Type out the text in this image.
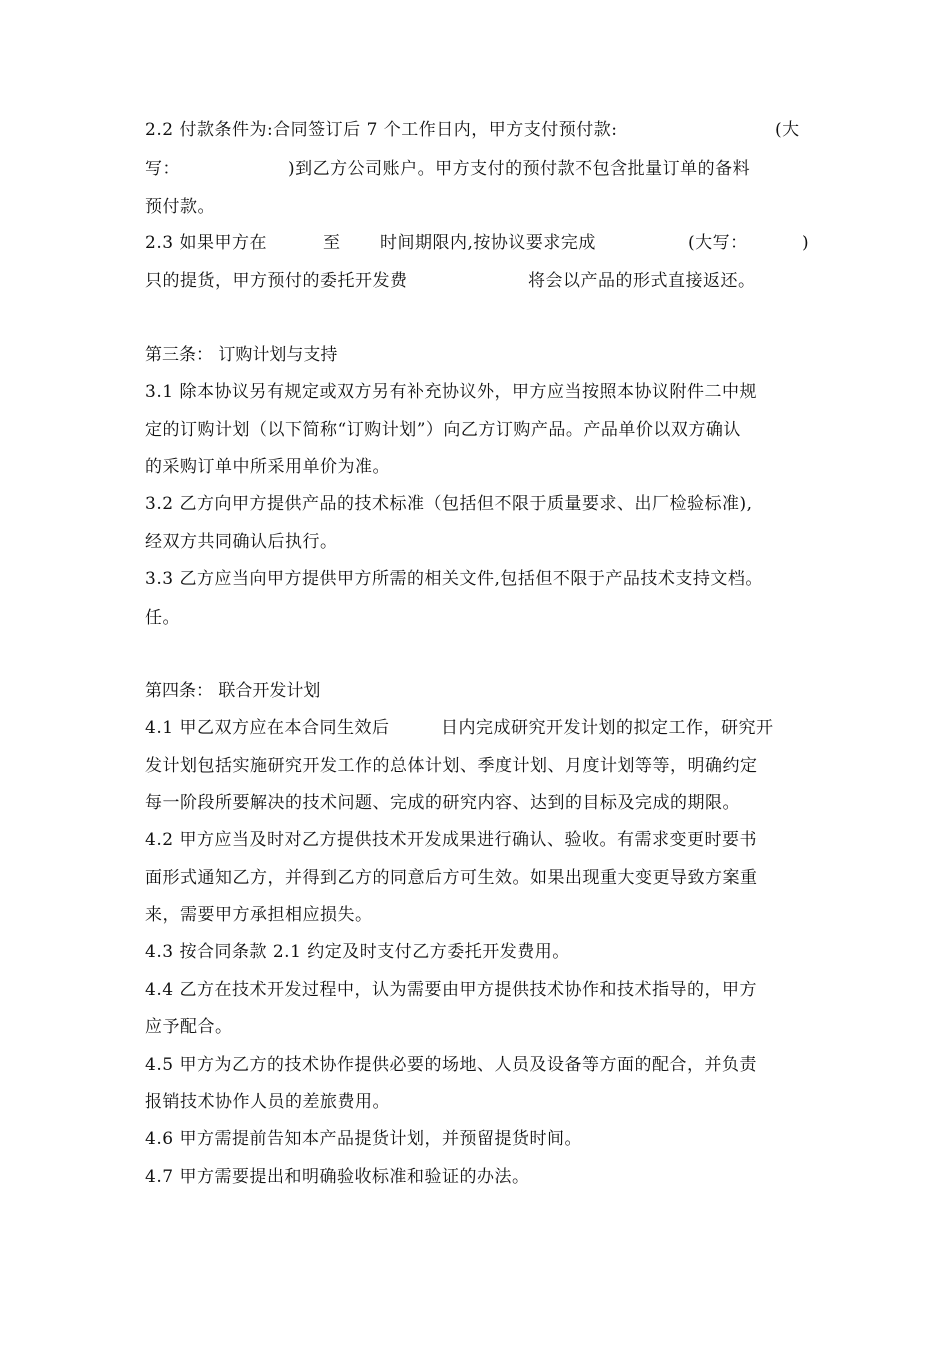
2.2 付款条件为:合同签订后 7 个工作日内，甲方支付预付款:	(大
写：	)到乙方公司账户。甲方支付的预付款不包含批量订单的备料
预付款。
2.3 如果甲方在	至 时间期限内,按协议要求完成	(大写：	)
只的提货，甲方预付的委托开发费	将会以产品的形式直接返还。
第三条： 订购计划与支持
3.1 除本协议另有规定或双方另有补充协议外，甲方应当按照本协议附件二中规
定的订购计划（以下简称“订购计划”）向乙方订购产品。产品单价以双方确认
的采购订单中所采用单价为准。
3.2 乙方向甲方提供产品的技术标准（包括但不限于质量要求、出厂检验标准),
经双方共同确认后执行。
3.3 乙方应当向甲方提供甲方所需的相关文件,包括但不限于产品技术支持文档。
任。
第四条： 联合开发计划
4.1 甲乙双方应在本合同生效后	日内完成研究开发计划的拟定工作，研究开
发计划包括实施研究开发工作的总体计划、季度计划、月度计划等等，明确约定
每一阶段所要解决的技术问题、完成的研究内容、达到的目标及完成的期限。
4.2 甲方应当及时对乙方提供技术开发成果进行确认、验收。有需求变更时要书
面形式通知乙方，并得到乙方的同意后方可生效。如果出现重大变更导致方案重
来，需要甲方承担相应损失。
4.3 按合同条款 2.1 约定及时支付乙方委托开发费用。
4.4 乙方在技术开发过程中，认为需要由甲方提供技术协作和技术指导的，甲方
应予配合。
4.5 甲方为乙方的技术协作提供必要的场地、人员及设备等方面的配合，并负责
报销技术协作人员的差旅费用。
4.6 甲方需提前告知本产品提货计划，并预留提货时间。
4.7 甲方需要提出和明确验收标准和验证的办法。
